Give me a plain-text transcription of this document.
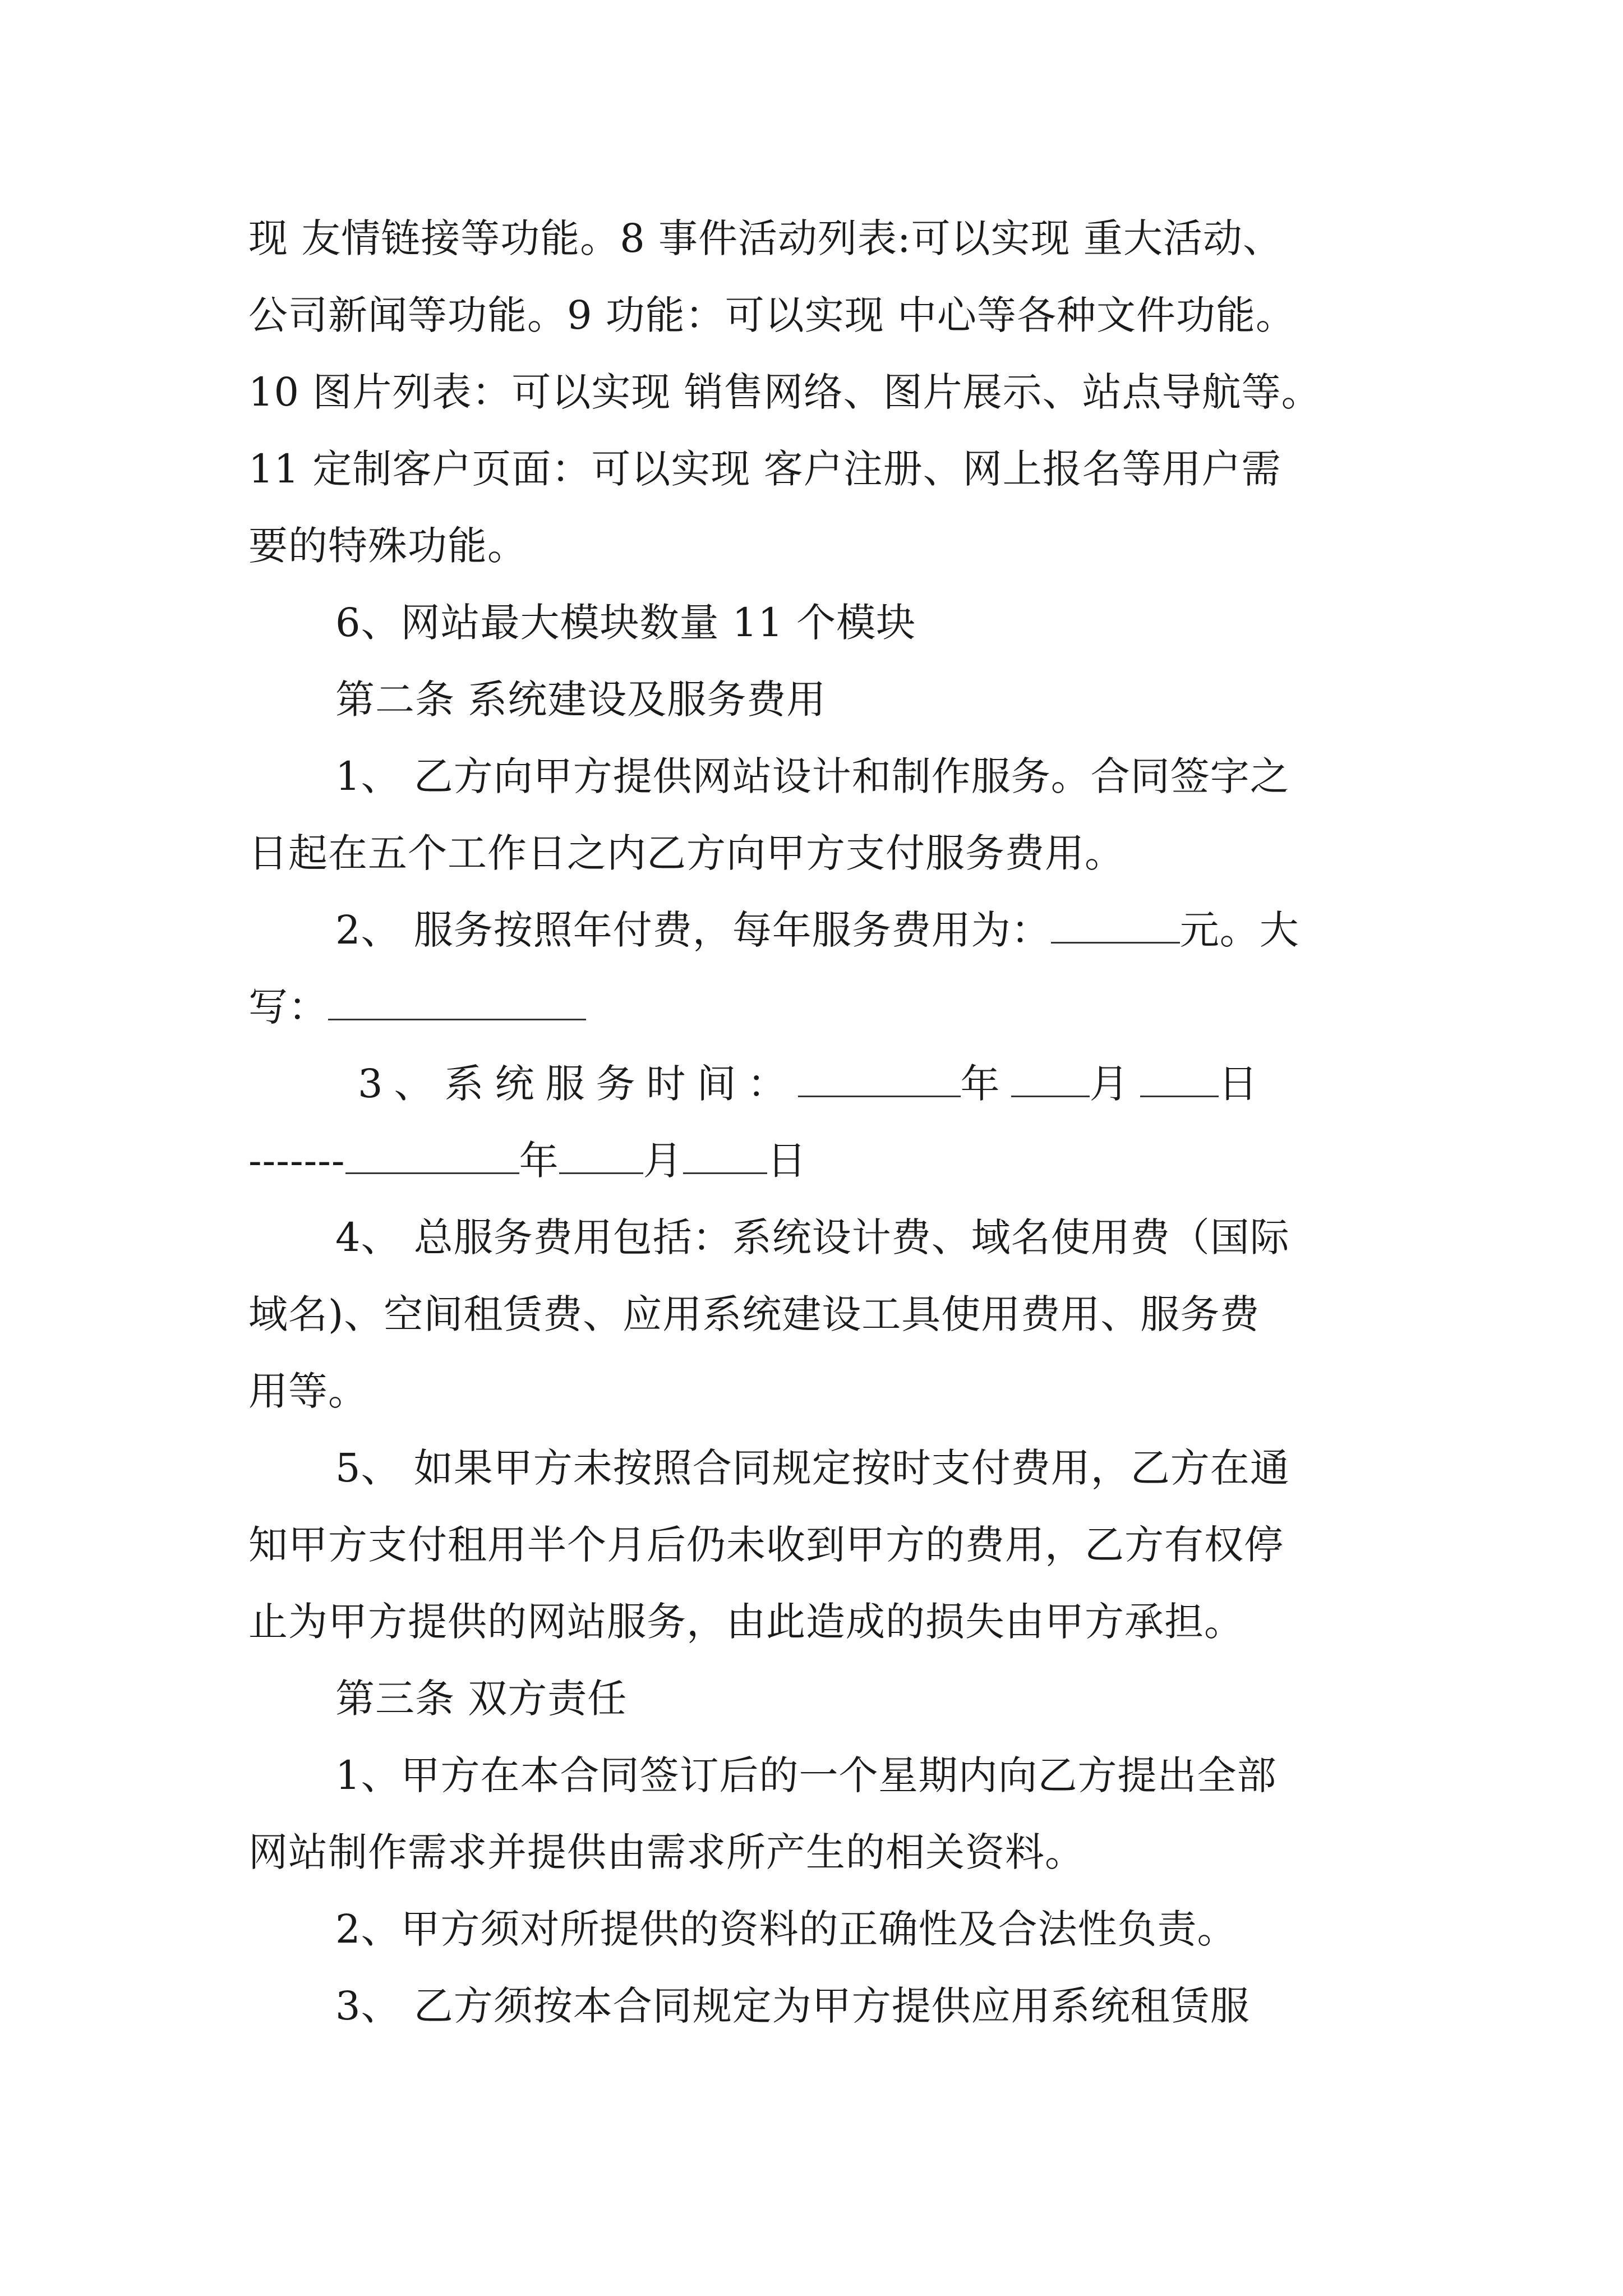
现 友情链接等功能。8 事件活动列表:可以实现 重大活动、
公司新闻等功能。9 功能：可以实现 中心等各种文件功能。
10 图片列表：可以实现 销售网络、图片展示、站点导航等。
11 定制客户页面：可以实现 客户注册、网上报名等用户需
要的特殊功能。
6、网站最大模块数量 11 个模块
第二条 系统建设及服务费用
1、 乙方向甲方提供网站设计和制作服务。合同签字之
日起在五个工作日之内乙方向甲方支付服务费用。
2、 服务按照年付费，每年服务费用为：	元。大
写：
3、系统服务时间：	年 月 日
-------	年 月 日
4、 总服务费用包括：系统设计费、域名使用费（国际
域名)、空间租赁费、应用系统建设工具使用费用、服务费
用等。
5、 如果甲方未按照合同规定按时支付费用，乙方在通
知甲方支付租用半个月后仍未收到甲方的费用，乙方有权停
止为甲方提供的网站服务，由此造成的损失由甲方承担。
第三条 双方责任
1、甲方在本合同签订后的一个星期内向乙方提出全部
网站制作需求并提供由需求所产生的相关资料。
2、甲方须对所提供的资料的正确性及合法性负责。
3、 乙方须按本合同规定为甲方提供应用系统租赁服
